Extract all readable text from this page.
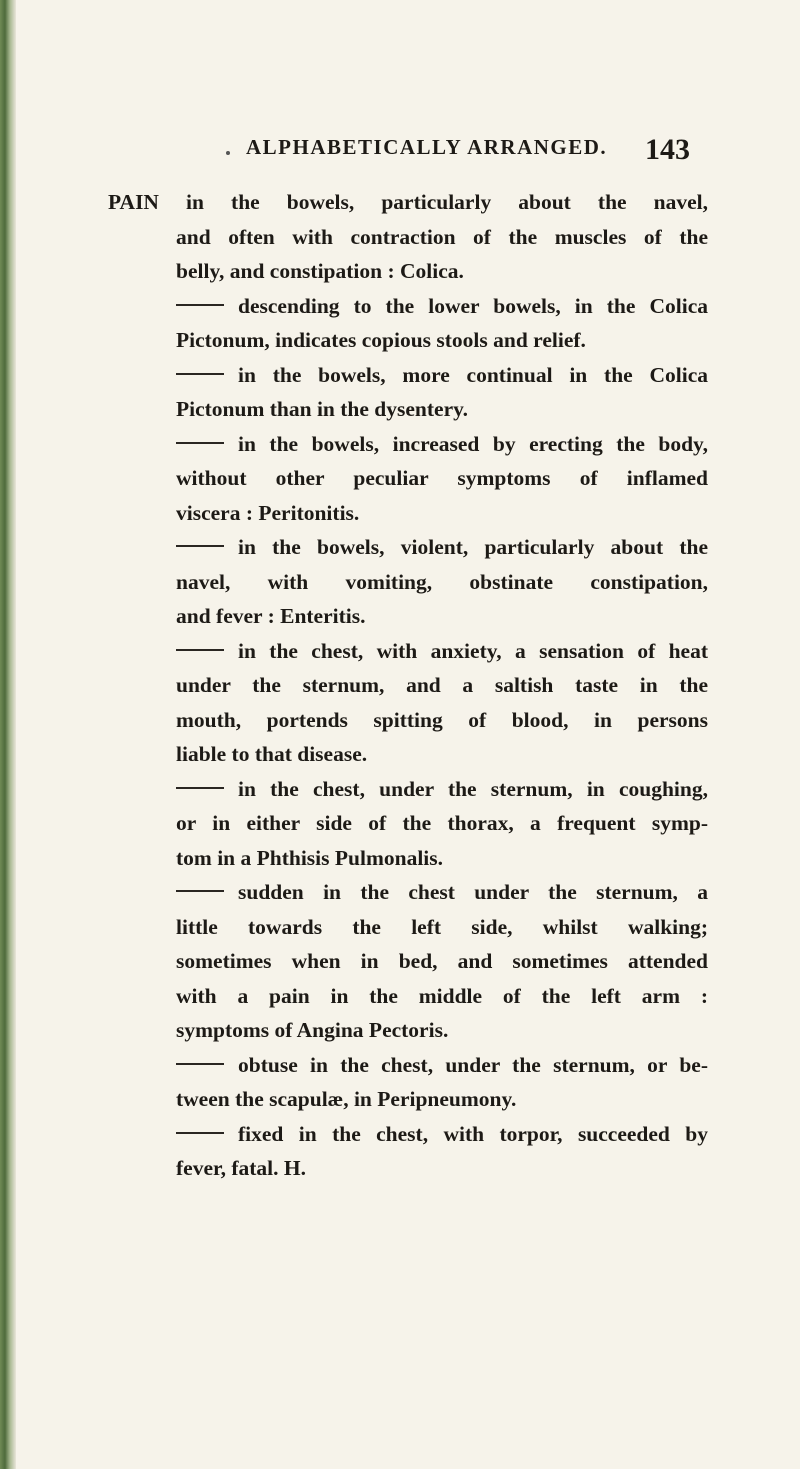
ALPHABETICALLY ARRANGED. 143
PAIN in the bowels, particularly about the navel,
and often with contraction of the muscles of the
belly, and constipation : Colica.
descending to the lower bowels, in the Colica
Pictonum, indicates copious stools and relief.
in the bowels, more continual in the Colica
Pictonum than in the dysentery.
in the bowels, increased by erecting the body,
without other peculiar symptoms of inflamed
viscera : Peritonitis.
in the bowels, violent, particularly about the
navel, with vomiting, obstinate constipation,
and fever : Enteritis.
in the chest, with anxiety, a sensation of heat
under the sternum, and a saltish taste in the
mouth, portends spitting of blood, in persons
liable to that disease.
in the chest, under the sternum, in coughing,
or in either side of the thorax, a frequent symp-
tom in a Phthisis Pulmonalis.
sudden in the chest under the sternum, a
little towards the left side, whilst walking;
sometimes when in bed, and sometimes attended
with a pain in the middle of the left arm :
symptoms of Angina Pectoris.
obtuse in the chest, under the sternum, or be-
tween the scapulæ, in Peripneumony.
fixed in the chest, with torpor, succeeded by
fever, fatal. H.
